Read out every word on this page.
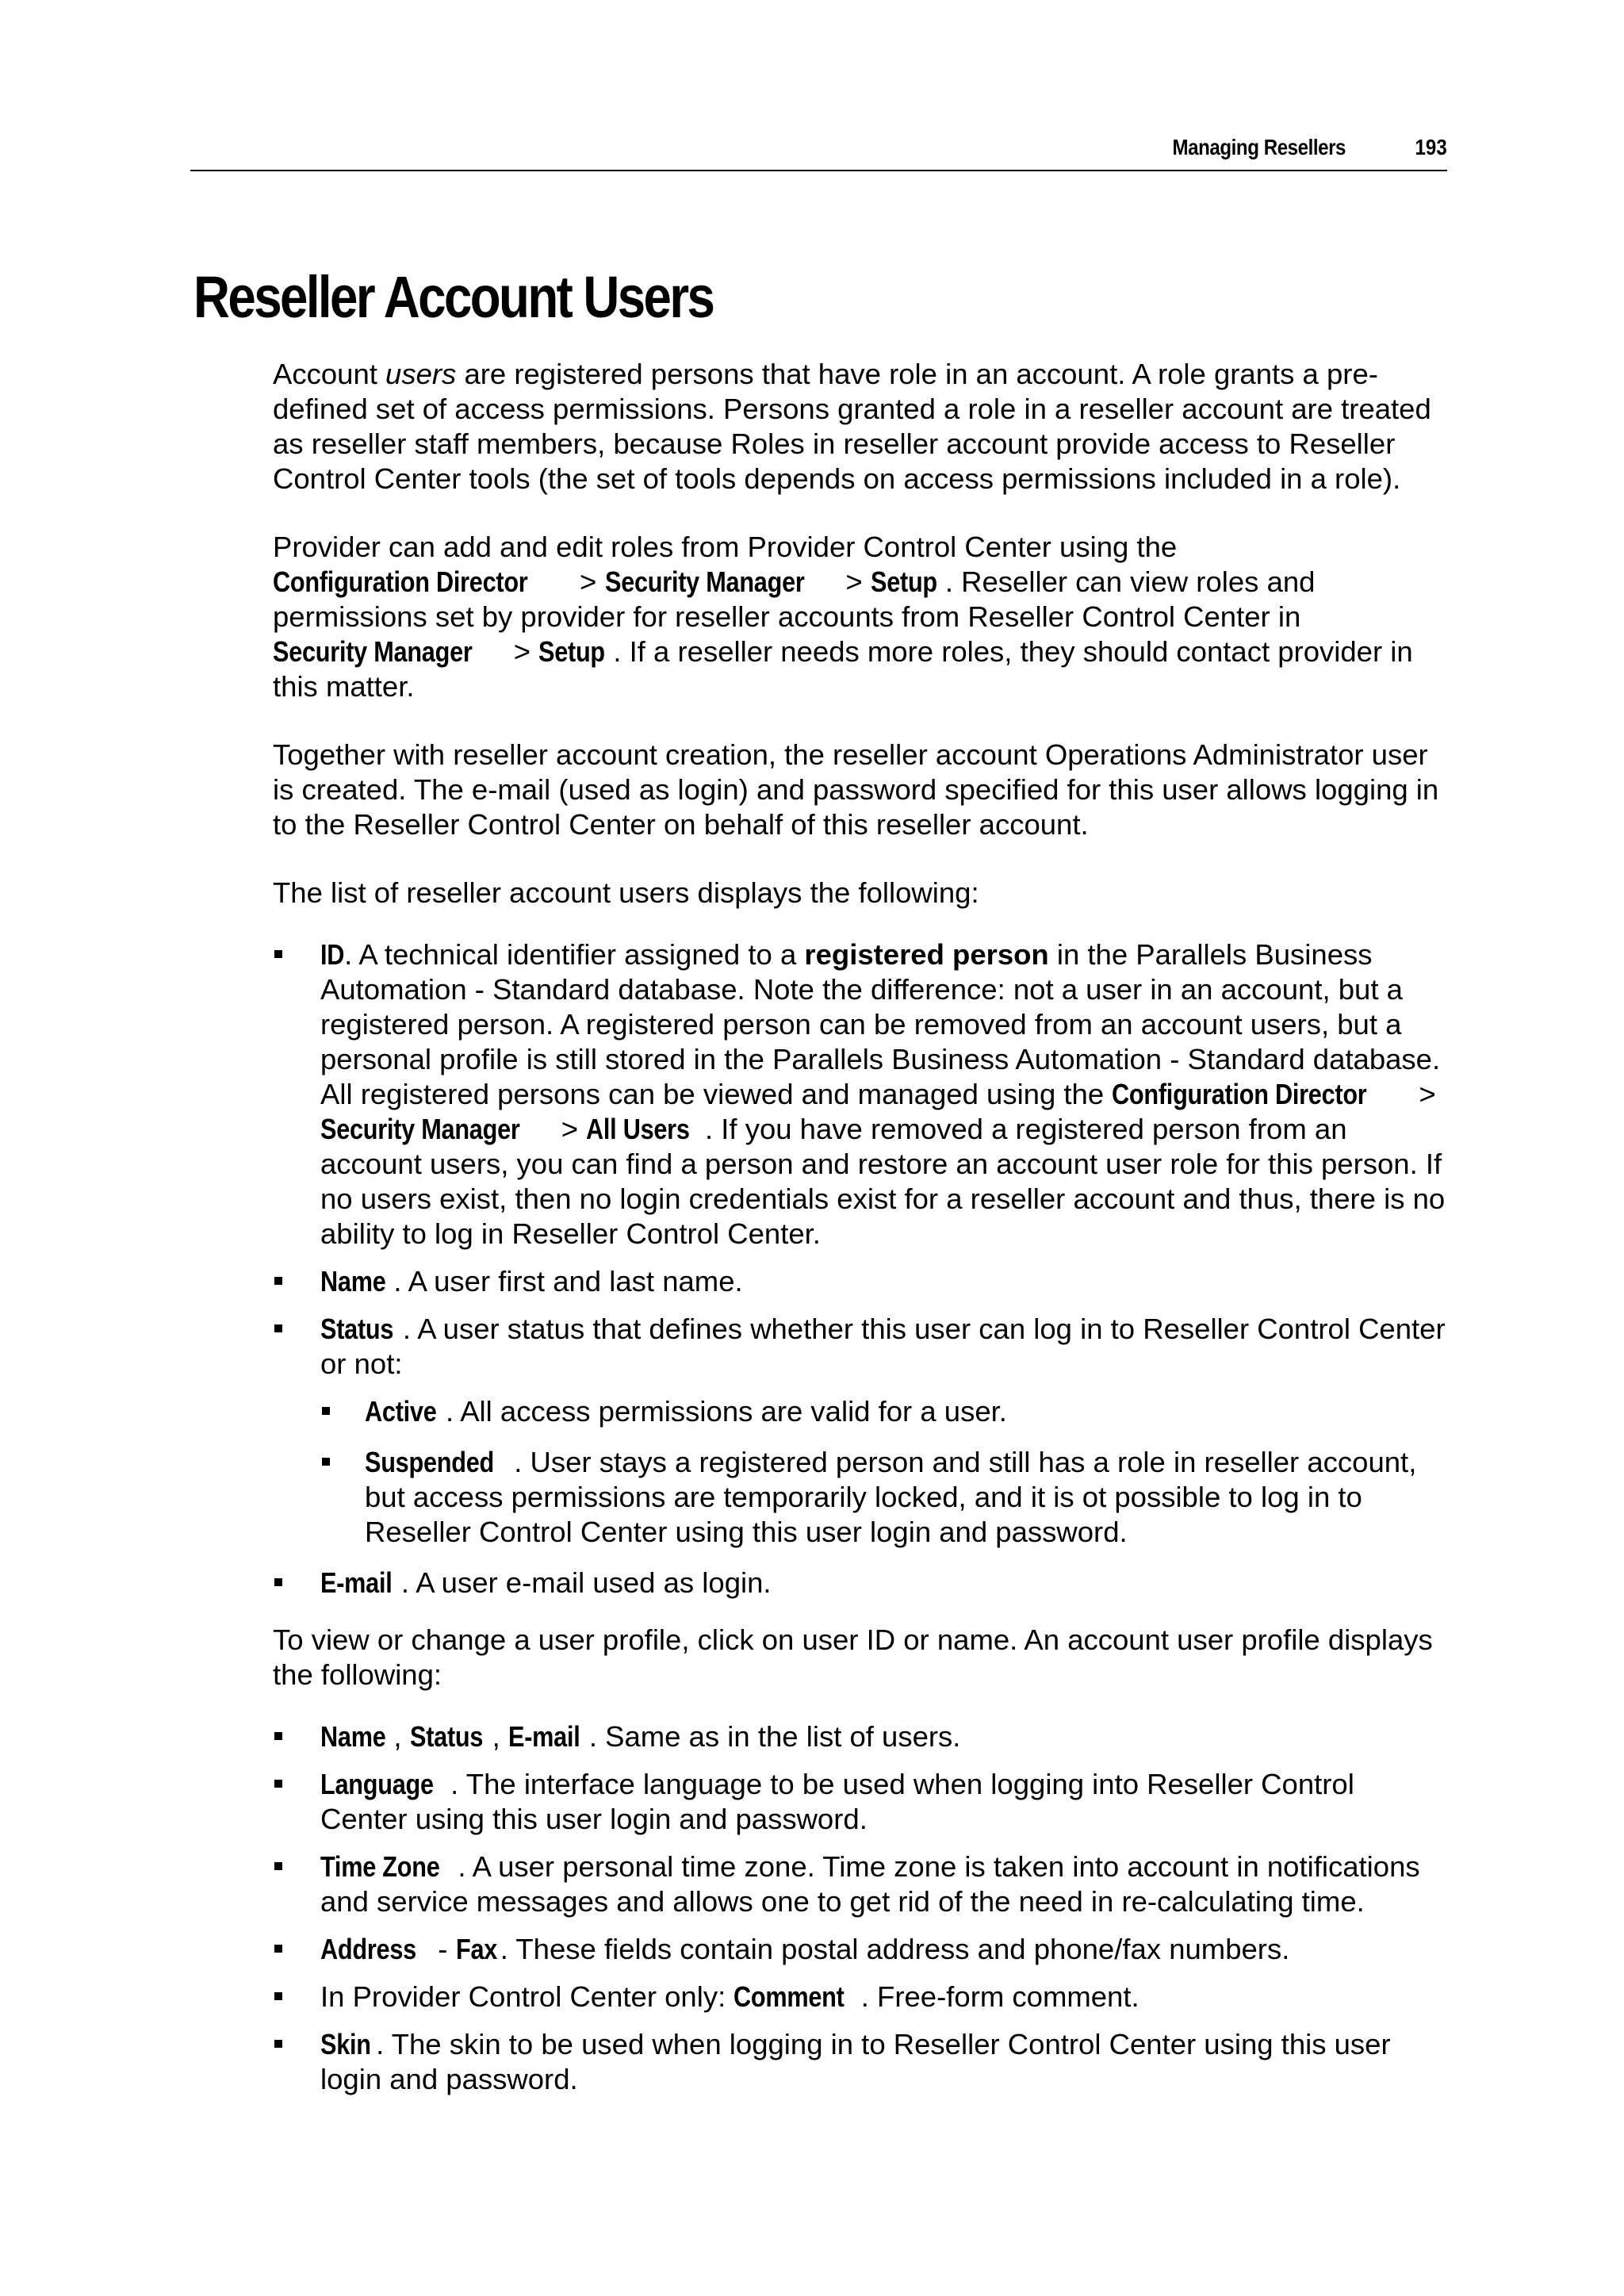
Managing Resellers	193
Reseller Account Users

Account users are registered persons that have role in an account. A role grants a pre-defined set of access permissions. Persons granted a role in a reseller account are treated as reseller staff members, because Roles in reseller account provide access to Reseller Control Center tools (the set of tools depends on access permissions included in a role).

Provider can add and edit roles from Provider Control Center using the Configuration Director > Security Manager > Setup . Reseller can view roles and permissions set by provider for reseller accounts from Reseller Control Center in Security Manager > Setup . If a reseller needs more roles, they should contact provider in this matter.

Together with reseller account creation, the reseller account Operations Administrator user is created. The e-mail (used as login) and password specified for this user allows logging in to the Reseller Control Center on behalf of this reseller account.

The list of reseller account users displays the following:

ID. A technical identifier assigned to a registered person in the Parallels Business Automation - Standard database. Note the difference: not a user in an account, but a registered person. A registered person can be removed from an account users, but a personal profile is still stored in the Parallels Business Automation - Standard database. All registered persons can be viewed and managed using the Configuration Director > Security Manager > All Users . If you have removed a registered person from an account users, you can find a person and restore an account user role for this person. If no users exist, then no login credentials exist for a reseller account and thus, there is no ability to log in Reseller Control Center.
Name . A user first and last name.
Status . A user status that defines whether this user can log in to Reseller Control Center or not:
Active . All access permissions are valid for a user.
Suspended . User stays a registered person and still has a role in reseller account, but access permissions are temporarily locked, and it is ot possible to log in to Reseller Control Center using this user login and password.
E-mail . A user e-mail used as login.

To view or change a user profile, click on user ID or name. An account user profile displays the following:

Name , Status , E-mail . Same as in the list of users.
Language . The interface language to be used when logging into Reseller Control Center using this user login and password.
Time Zone . A user personal time zone. Time zone is taken into account in notifications and service messages and allows one to get rid of the need in re-calculating time.
Address - Fax . These fields contain postal address and phone/fax numbers.
In Provider Control Center only: Comment . Free-form comment.
Skin . The skin to be used when logging in to Reseller Control Center using this user login and password.
